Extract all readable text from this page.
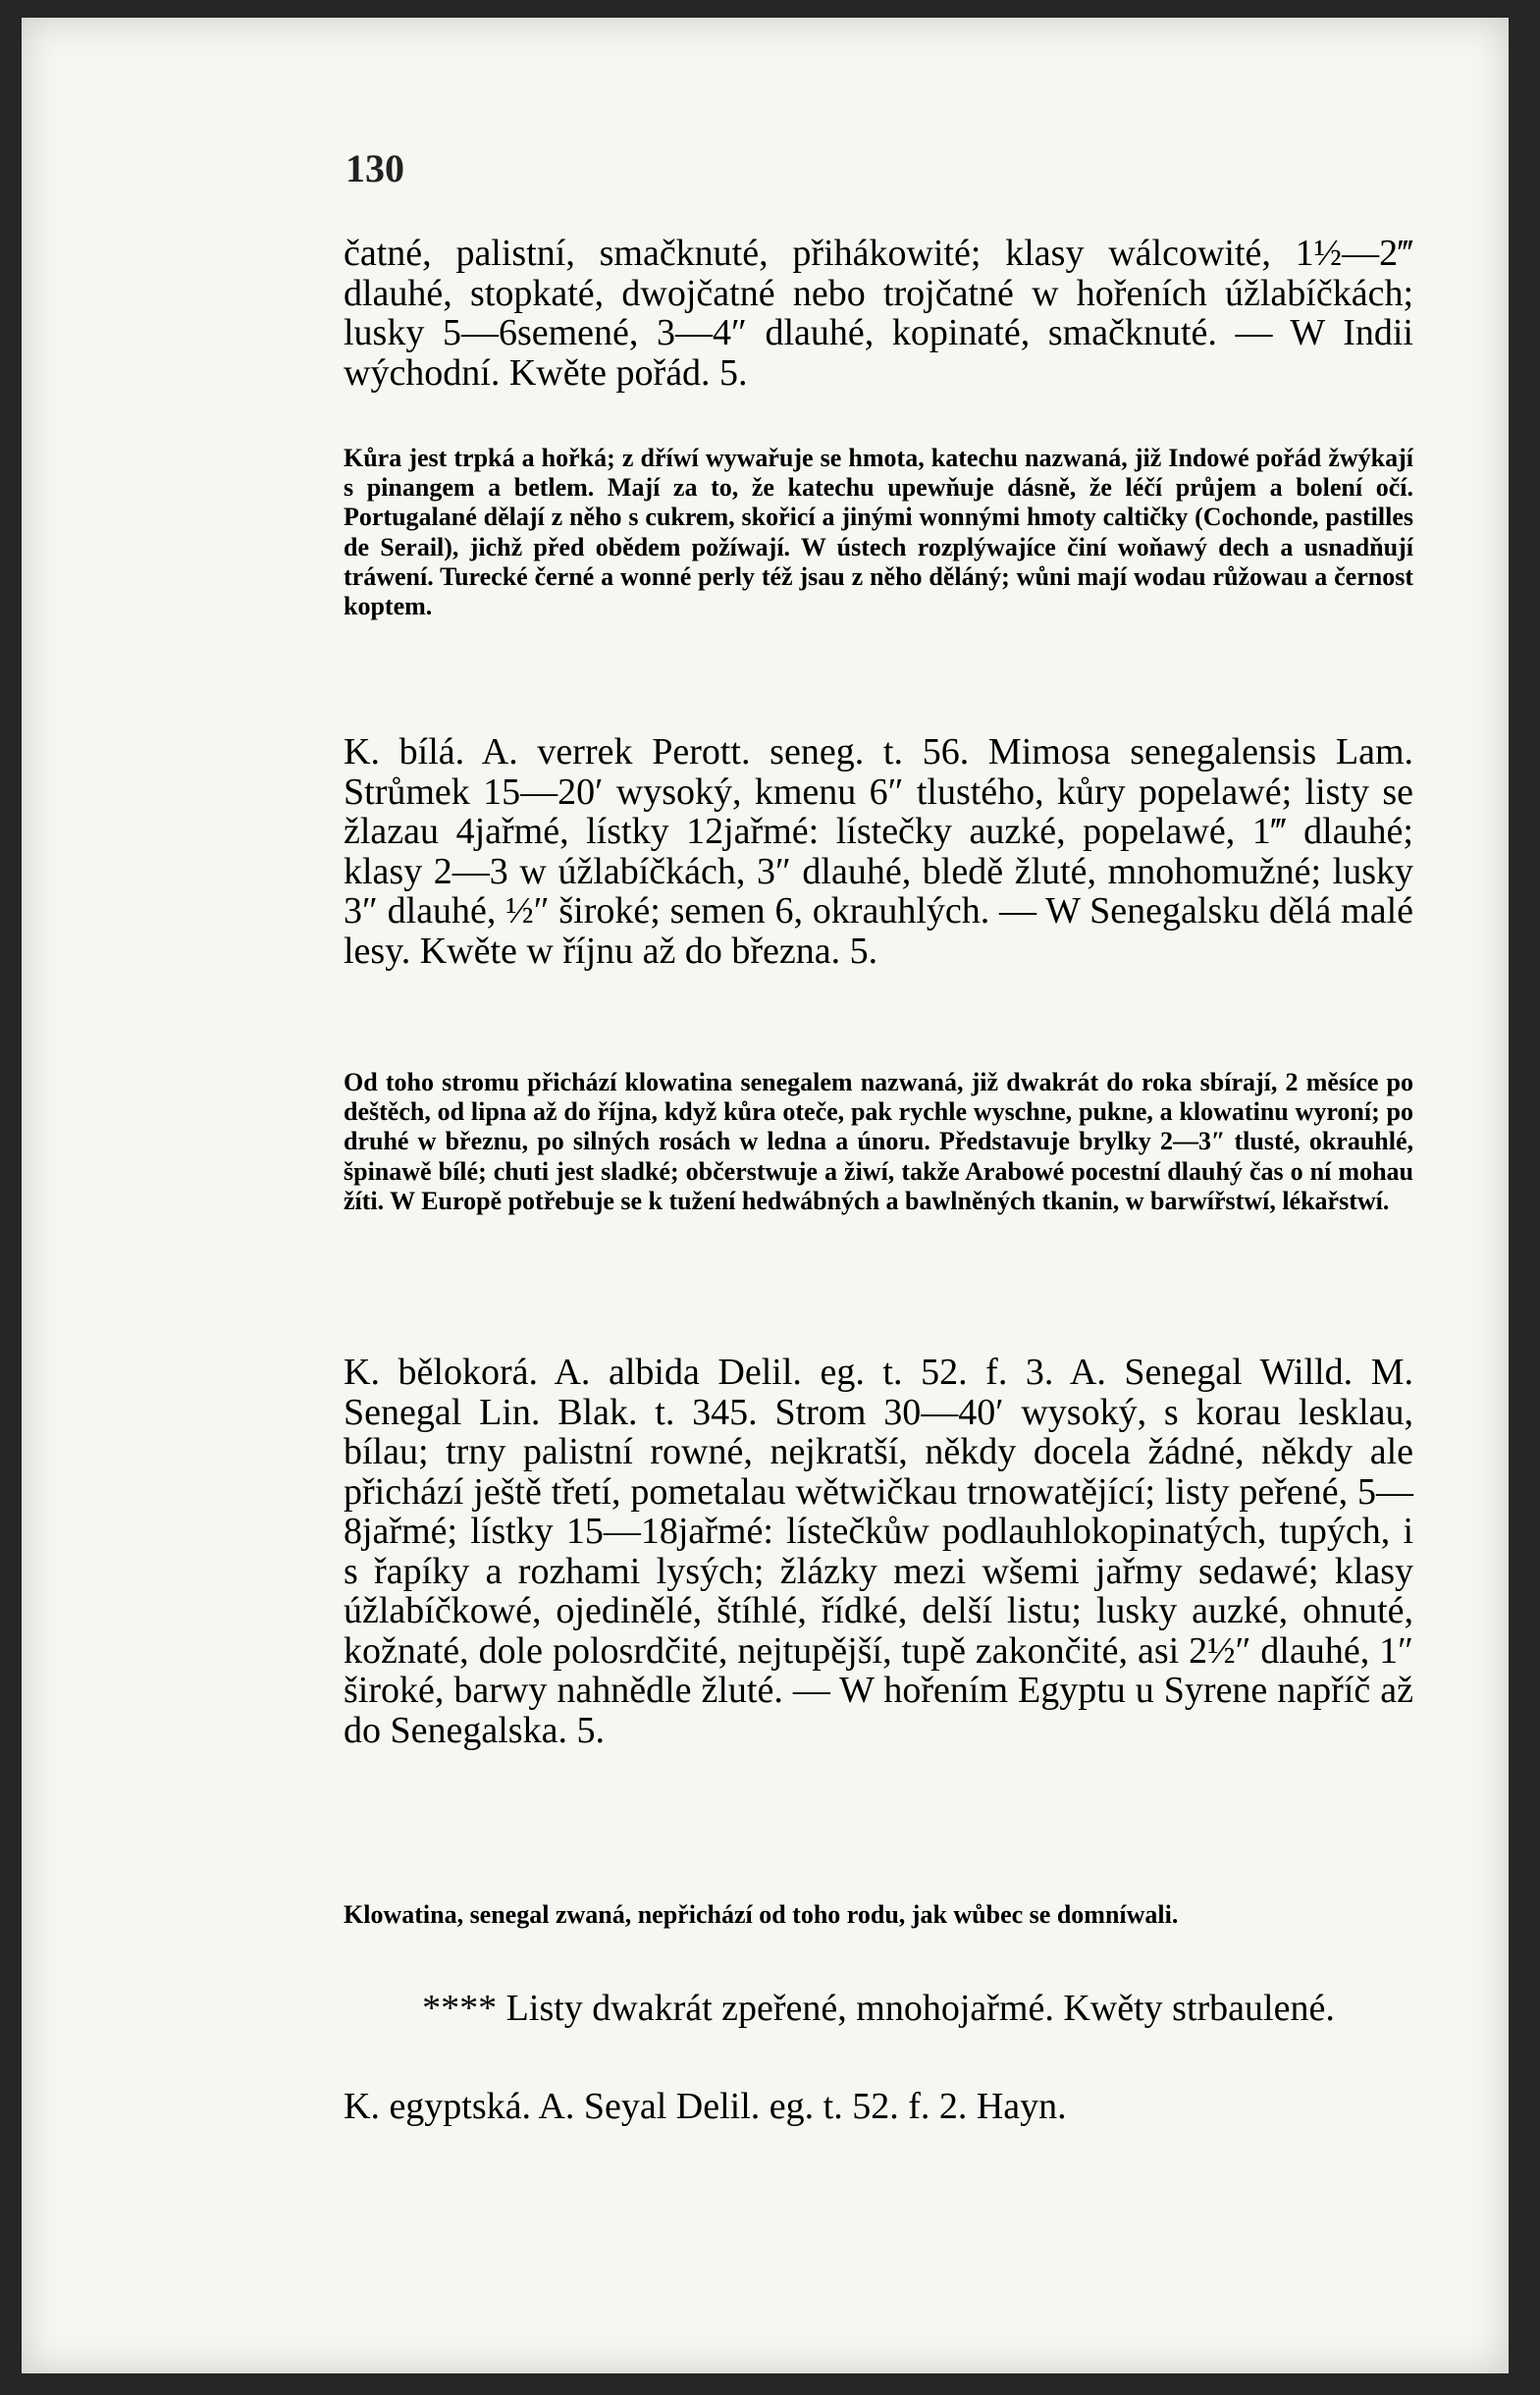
130

čatné, palistní, smačknuté, přihákowité; klasy wálcowité, 1½—2‴ dlauhé, stopkaté, dwojčatné nebo trojčatné w hořeních úžlabíčkách; lusky 5—6semené, 3—4″ dlauhé, kopinaté, smačknuté. — W Indii wýchodní. Kwěte pořád. 5.

Kůra jest trpká a hořká; z dříwí wywařuje se hmota, katechu nazwaná, již Indowé pořád žwýkají s pinangem a betlem. Mají za to, že katechu upewňuje dásně, že léčí průjem a bolení očí. Portugalané dělají z něho s cukrem, skořicí a jinými wonnými hmoty caltičky (Cochonde, pastilles de Serail), jichž před obědem požíwají. W ústech rozplýwajíce činí woňawý dech a usnadňují tráwení. Turecké černé a wonné perly též jsau z něho děláný; wůni mají wodau růžowau a černost koptem.

K. bílá. A. verrek Perott. seneg. t. 56. Mimosa senegalensis Lam. Strůmek 15—20′ wysoký, kmenu 6″ tlustého, kůry popelawé; listy se žlazau 4jařmé, lístky 12jařmé: lístečky auzké, popelawé, 1‴ dlauhé; klasy 2—3 w úžlabíčkách, 3″ dlauhé, bledě žluté, mnohomužné; lusky 3″ dlauhé, ½″ široké; semen 6, okrauhlých. — W Senegalsku dělá malé lesy. Kwěte w říjnu až do března. 5.

Od toho stromu přichází klowatina senegalem nazwaná, již dwakrát do roka sbírají, 2 měsíce po deštěch, od lipna až do října, když kůra oteče, pak rychle wyschne, pukne, a klowatinu wyroní; po druhé w březnu, po silných rosách w ledna a únoru. Představuje brylky 2—3″ tlusté, okrauhlé, špinawě bílé; chuti jest sladké; občerstwuje a žiwí, takže Arabowé pocestní dlauhý čas o ní mohau žíti. W Europě potřebuje se k tužení hedwábných a bawlněných tkanin, w barwířstwí, lékařstwí.

K. bělokorá. A. albida Delil. eg. t. 52. f. 3. A. Senegal Willd. M. Senegal Lin. Blak. t. 345. Strom 30—40′ wysoký, s korau lesklau, bílau; trny palistní rowné, nejkratší, někdy docela žádné, někdy ale přichází ještě třetí, pometalau wětwičkau trnowatějící; listy peřené, 5—8jařmé; lístky 15—18jařmé: lístečkůw podlauhlokopinatých, tupých, i s řapíky a rozhami lysých; žlázky mezi wšemi jařmy sedawé; klasy úžlabíčkowé, ojedinělé, štíhlé, řídké, delší listu; lusky auzké, ohnuté, kožnaté, dole polosrdčité, nejtupější, tupě zakončité, asi 2½″ dlauhé, 1″ široké, barwy nahnědle žluté. — W hořením Egyptu u Syrene napříč až do Senegalska. 5.

Klowatina, senegal zwaná, nepřichází od toho rodu, jak wůbec se domníwali.

**** Listy dwakrát zpeřené, mnohojařmé. Kwěty strbaulené.

K. egyptská. A. Seyal Delil. eg. t. 52. f. 2. Hayn.
